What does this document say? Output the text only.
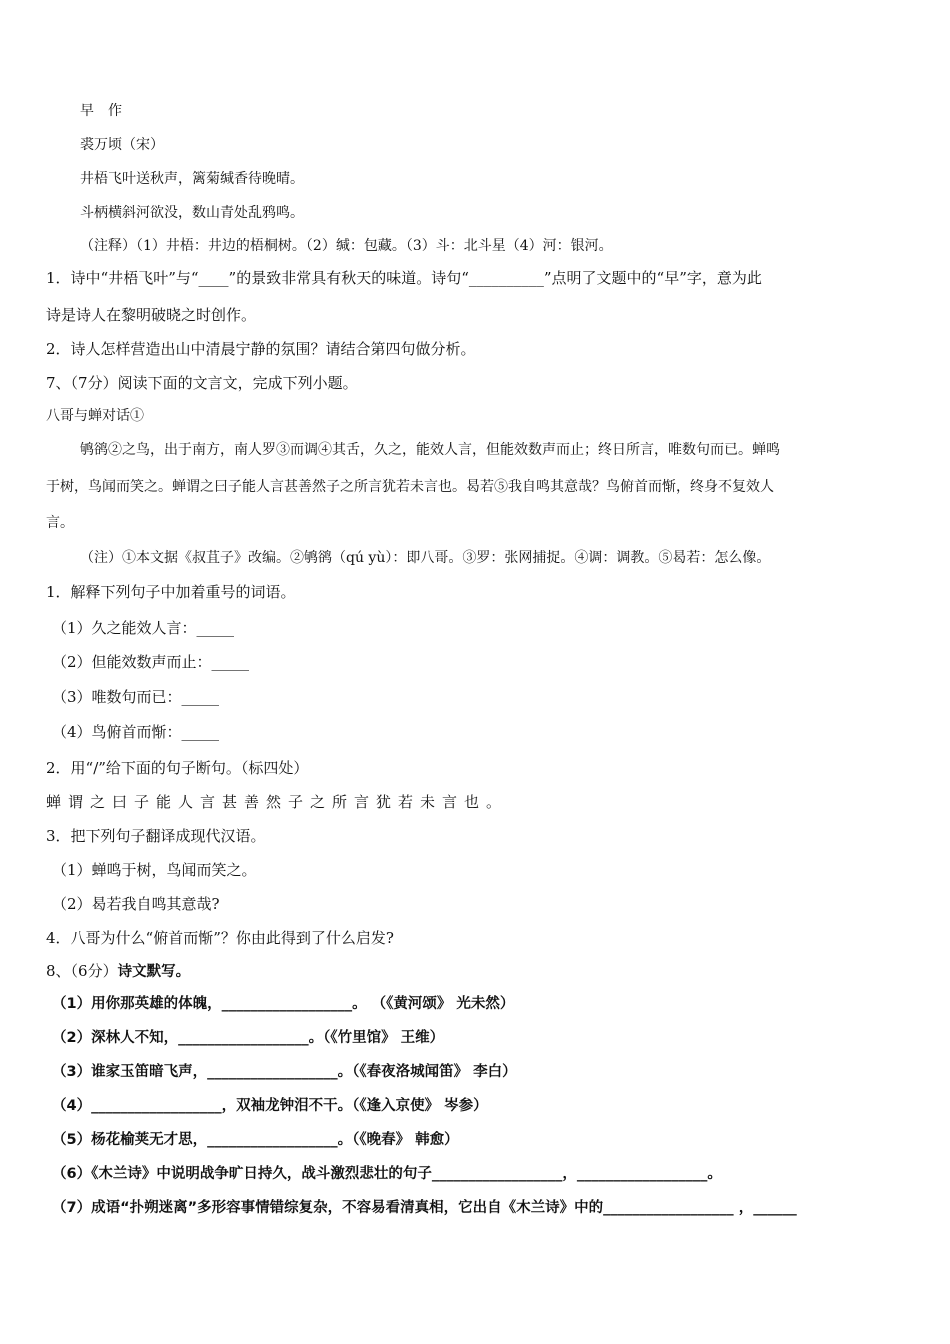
早　作
裘万顷（宋）
井梧飞叶送秋声，篱菊缄香待晚晴。
斗柄横斜河欲没，数山青处乱鸦鸣。
（注释）（1）井梧：井边的梧桐树。（2）缄：包藏。（3）斗：北斗星（4）河：银河。
1．诗中“井梧飞叶”与“____”的景致非常具有秋天的味道。诗句“__________”点明了文题中的“早”字，意为此
诗是诗人在黎明破晓之时创作。
2．诗人怎样营造出山中清晨宁静的氛围？请结合第四句做分析。
7、（7分）阅读下面的文言文，完成下列小题。
八哥与蝉对话①
鸲鹆②之鸟，出于南方，南人罗③而调④其舌，久之，能效人言，但能效数声而止；终日所言，唯数句而已。蝉鸣
于树，鸟闻而笑之。蝉谓之曰子能人言甚善然子之所言犹若未言也。曷若⑤我自鸣其意哉？鸟俯首而惭，终身不复效人
言。
（注）①本文据《叔苴子》改编。②鸲鹆（qú yù）：即八哥。③罗：张网捕捉。④调：调教。⑤曷若：怎么像。
1．解释下列句子中加着重号的词语。
（1）久之能效人言：_____
（2）但能效数声而止：_____
（3）唯数句而已：_____
（4）鸟俯首而惭：_____
2．用“/”给下面的句子断句。（标四处）
蝉谓之曰子能人言甚善然子之所言犹若未言也。
3．把下列句子翻译成现代汉语。
（1）蝉鸣于树，鸟闻而笑之。
（2）曷若我自鸣其意哉?
4．八哥为什么“俯首而惭”？你由此得到了什么启发?
8、（6分）诗文默写。
（1）用你那英雄的体魄，__________________。 （《黄河颂》 光未然）
（2）深林人不知，__________________。（《竹里馆》 王维）
（3）谁家玉笛暗飞声，__________________。（《春夜洛城闻笛》 李白）
（4）__________________，双袖龙钟泪不干。（《逢入京使》 岑参）
（5）杨花榆荚无才思，__________________。（《晚春》 韩愈）
（6）《木兰诗》中说明战争旷日持久，战斗激烈悲壮的句子__________________，__________________。
（7）成语“扑朔迷离”多形容事情错综复杂，不容易看清真相，它出自《木兰诗》中的__________________ ，______
